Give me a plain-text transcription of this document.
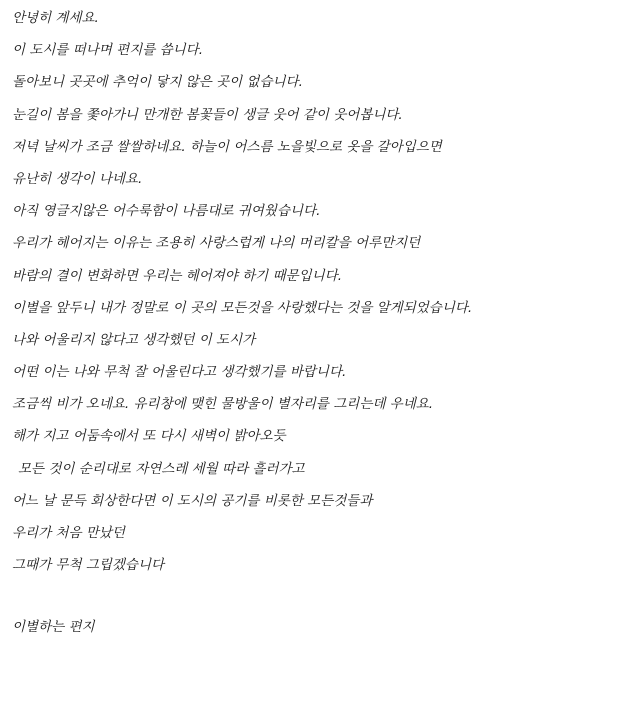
안녕히 계세요.
이 도시를 떠나며 편지를 씁니다.
돌아보니 곳곳에 추억이 닿지 않은 곳이 없습니다.
눈길이 봄을 쫓아가니 만개한 봄꽃들이 생글 웃어 같이 웃어봅니다.
저녁 날씨가 조금 쌀쌀하네요. 하늘이 어스름 노을빛으로 옷을 갈아입으면
유난히 생각이 나네요.
아직 영글지않은 어수룩함이 나름대로 귀여웠습니다.
우리가 헤어지는 이유는 조용히 사랑스럽게 나의 머리칼을 어루만지던
바람의 결이 변화하면 우리는 헤어져야 하기 때문입니다.
이별을 앞두니 내가 정말로 이 곳의 모든것을 사랑했다는 것을 알게되었습니다.
나와 어울리지 않다고 생각했던 이 도시가
어떤 이는 나와 무척 잘 어울린다고 생각했기를 바랍니다.
조금씩 비가 오네요. 유리창에 맺힌 물방울이 별자리를 그리는데 우네요.
해가 지고 어둠속에서 또 다시 새벽이 밝아오듯
모든 것이 순리대로 자연스레 세월 따라 흘러가고
어느 날 문득 회상한다면 이 도시의 공기를 비롯한 모든것들과
우리가 처음 만났던
그때가 무척 그립겠습니다
이별하는 편지
